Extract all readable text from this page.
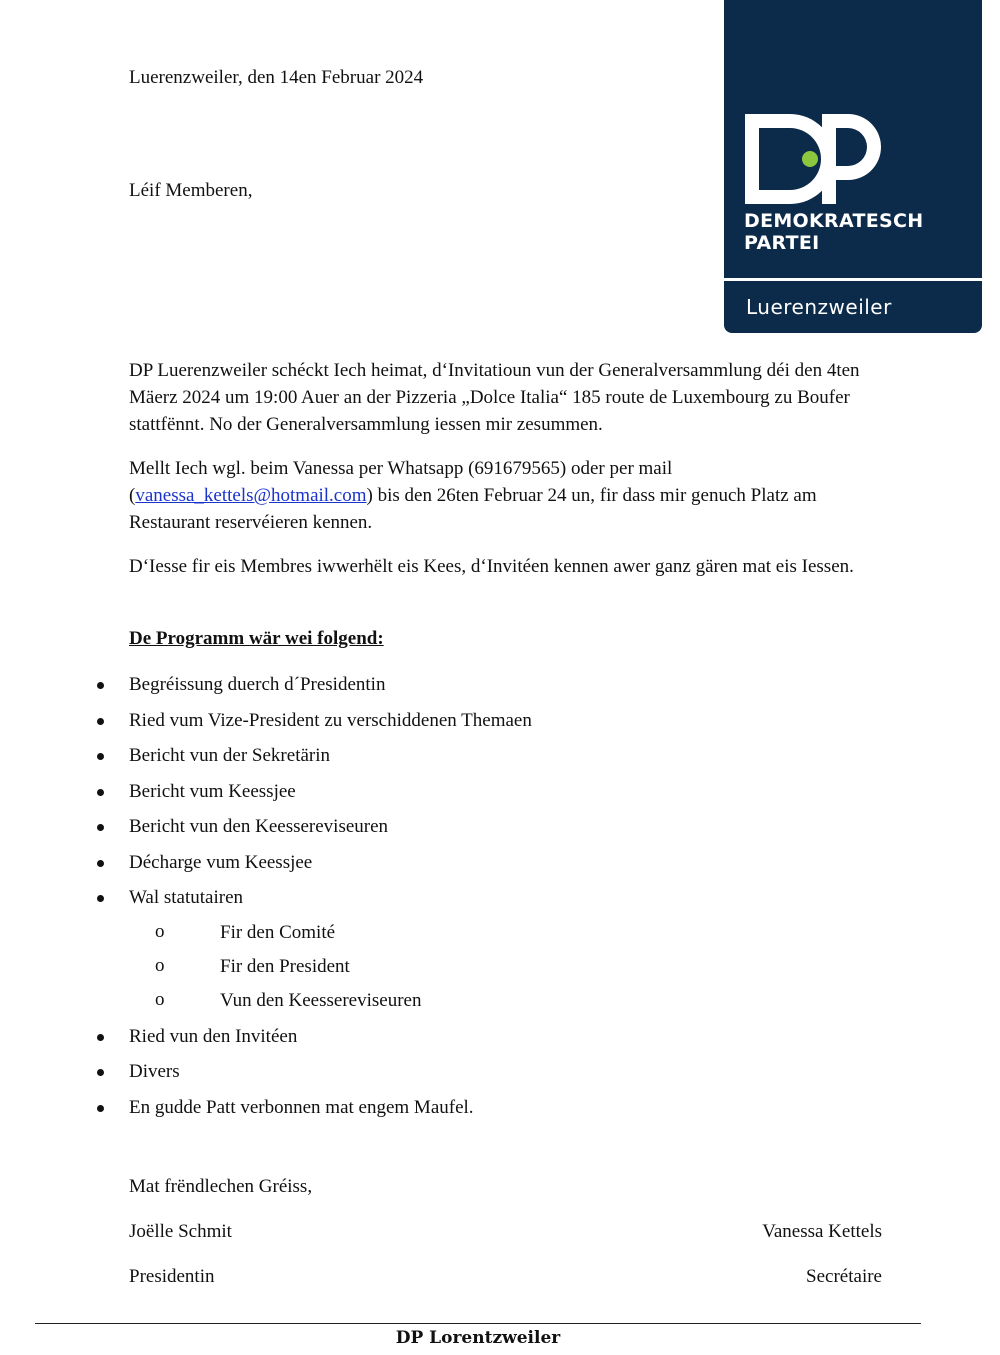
DEMOKRATESCH
PARTEI
Luerenzweiler
Luerenzweiler, den 14en Februar 2024
Léif Memberen,

DP Luerenzweiler schéckt Iech heimat, d‘Invitatioun vun der Generalversammlung déi den 4ten Mäerz 2024 um 19:00 Auer an der Pizzeria „Dolce Italia“ 185 route de Luxembourg zu Boufer stattfënnt. No der Generalversammlung iessen mir zesummen.

Mellt Iech wgl. beim Vanessa per Whatsapp (691679565) oder per mail (vanessa_kettels@hotmail.com) bis den 26ten Februar 24 un, fir dass mir genuch Platz am Restaurant reservéieren kennen.

D‘Iesse fir eis Membres iwwerhëlt eis Kees, d‘Invitéen kennen awer ganz gären mat eis Iessen.

De Programm wär wei folgend:
Begréissung duerch d´Presidentin
Ried vum Vize-President zu verschiddenen Themaen
Bericht vun der Sekretärin
Bericht vum Keessjee
Bericht vun den Keessereviseuren
Décharge vum Keessjee
Wal statutairen
o	Fir den Comité
o	Fir den President
o	Vun den Keessereviseuren
Ried vun den Invitéen
Divers
En gudde Patt verbonnen mat engem Maufel.
Mat frëndlechen Gréiss,
Joëlle Schmit
Presidentin
Vanessa Kettels
Secrétaire
DP Lorentzweiler
